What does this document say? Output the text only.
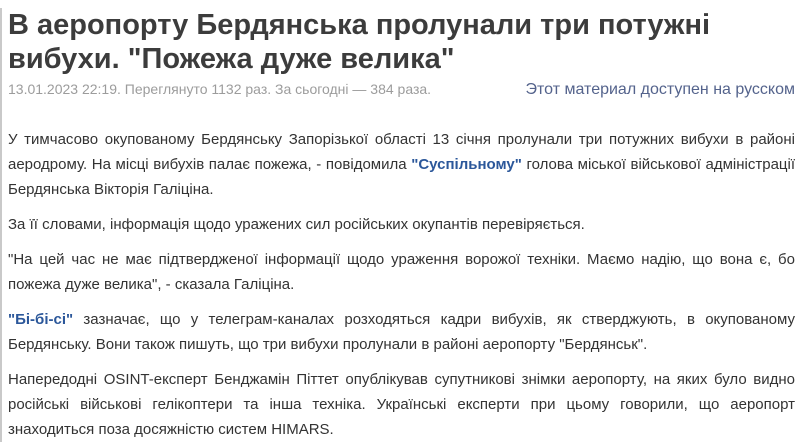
В аеропорту Бердянська пролунали три потужні вибухи. "Пожежа дуже велика"
13.01.2023 22:19. Переглянуто 1132 раз. За сьогодні — 384 раза.	Этот материал доступен на русском

У тимчасово окупованому Бердянську Запорізької області 13 січня пролунали три потужних вибухи в районі аеродрому. На місці вибухів палає пожежа, - повідомила "Суспільному" голова міської військової адміністрації Бердянська Вікторія Галіціна.

За її словами, інформація щодо уражених сил російських окупантів перевіряється.

"На цей час не має підтвердженої інформації щодо ураження ворожої техніки. Маємо надію, що вона є, бо пожежа дуже велика", - сказала Галіціна.

"Бі-бі-сі" зазначає, що у телеграм-каналах розходяться кадри вибухів, як стверджують, в окупованому Бердянську. Вони також пишуть, що три вибухи пролунали в районі аеропорту "Бердянськ".

Напередодні OSINT-експерт Бенджамін Піттет опублікував супутникові знімки аеропорту, на яких було видно російські військові гелікоптери та інша техніка. Українські експерти при цьому говорили, що аеропорт знаходиться поза досяжністю систем HIMARS.
